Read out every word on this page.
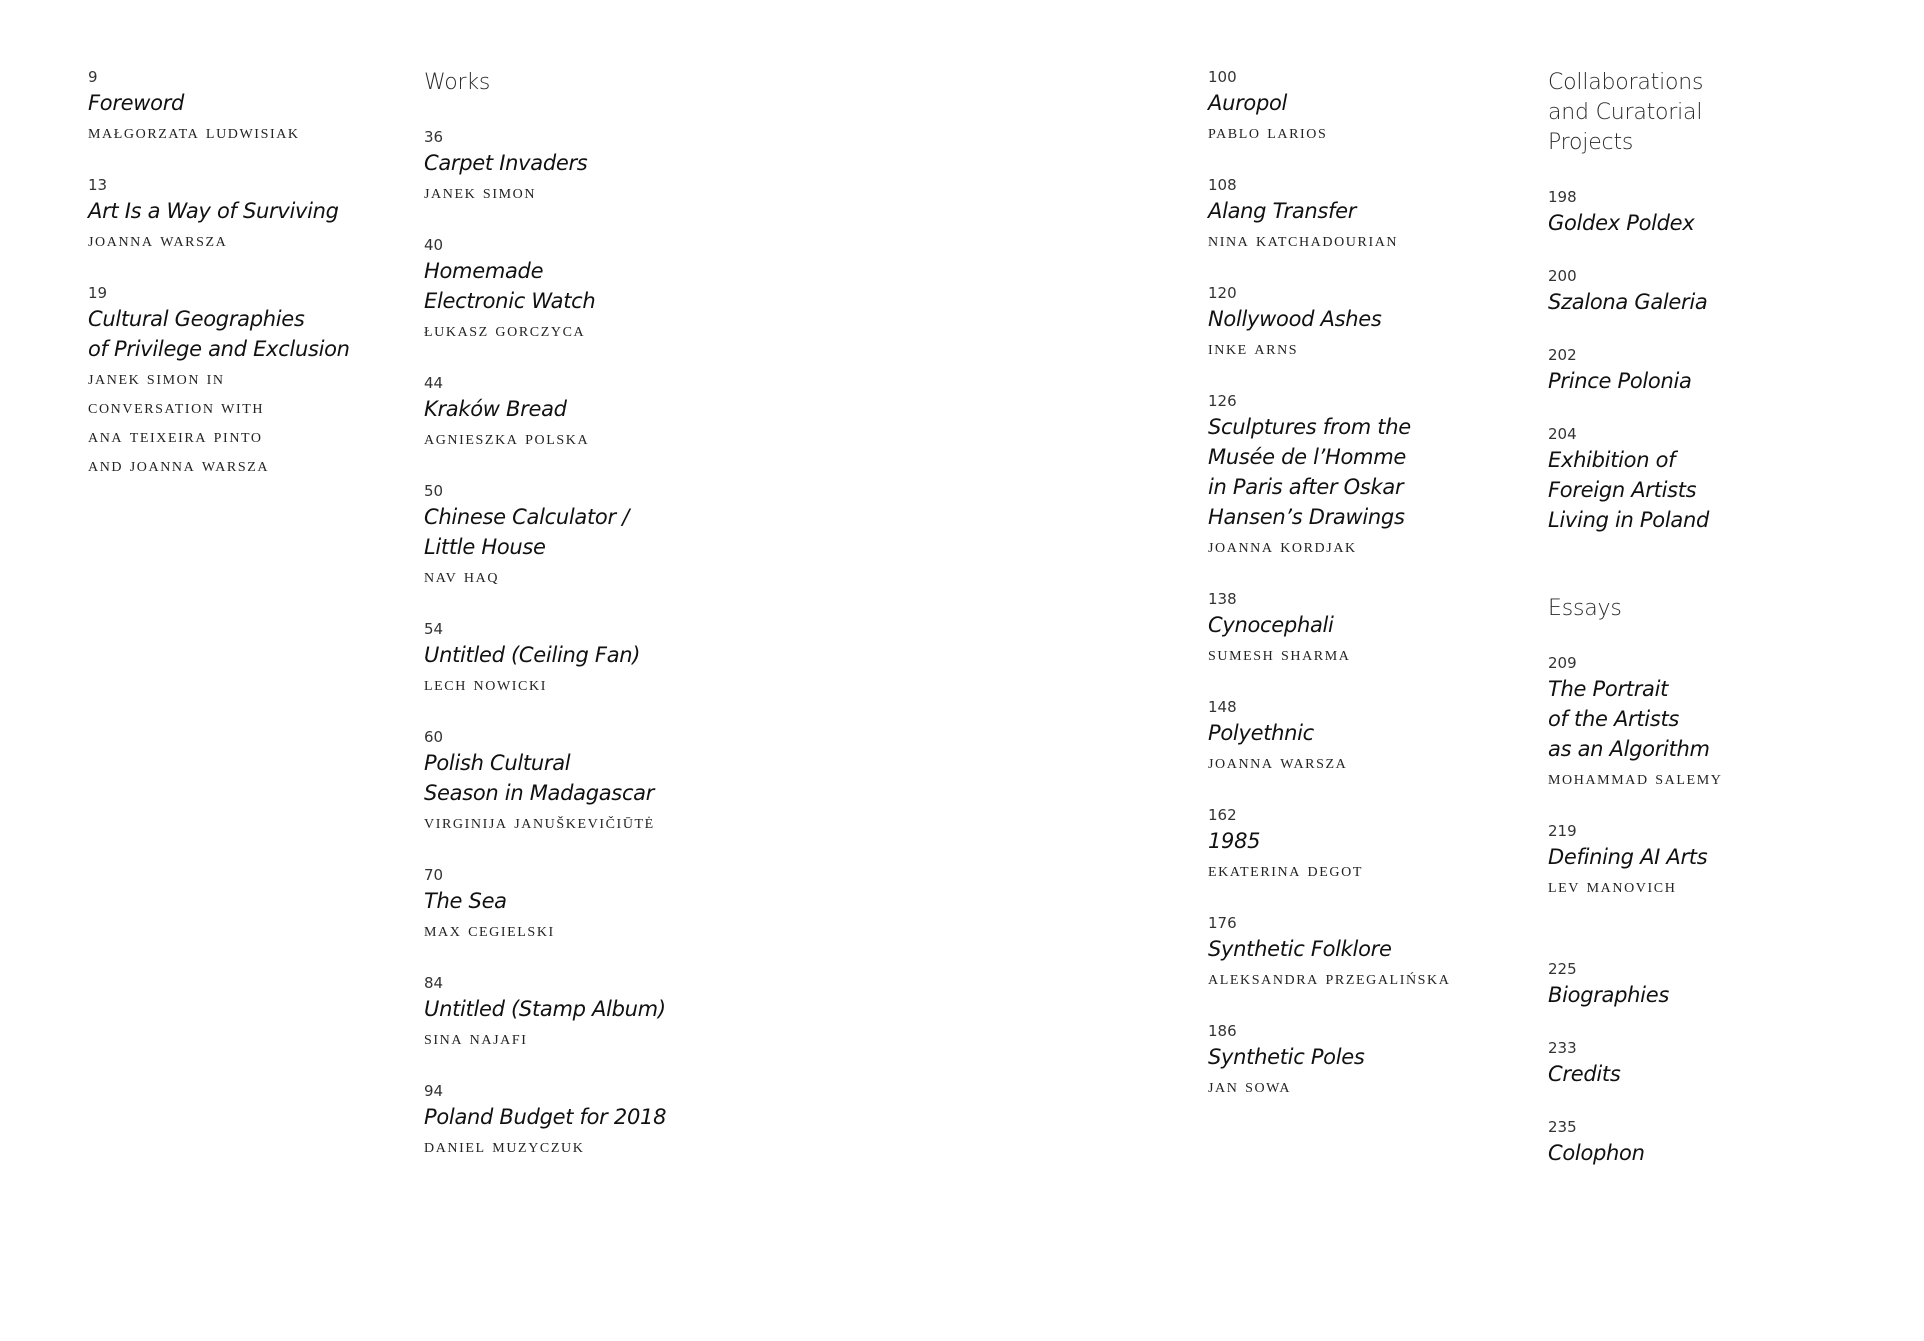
9
Foreword
małgorzata ludwisiak
13
Art Is a Way of Surviving
joanna warsza
19
Cultural Geographies
of Privilege and Exclusion
janek simon in
conversation with
ana teixeira pinto
and joanna warsza
Works
36
Carpet Invaders
janek simon
40
Homemade
Electronic Watch
łukasz gorczyca
44
Kraków Bread
agnieszka polska
50
Chinese Calculator /
Little House
nav haq
54
Untitled (Ceiling Fan)
lech nowicki
60
Polish Cultural
Season in Madagascar
virginija januškevičiūtė
70
The Sea
max cegielski
84
Untitled (Stamp Album)
sina najafi
94
Poland Budget for 2018
daniel muzyczuk
100
Auropol
pablo larios
108
Alang Transfer
nina katchadourian
120
Nollywood Ashes
inke arns
126
Sculptures from the
Musée de l’Homme
in Paris after Oskar
Hansen’s Drawings
joanna kordjak
138
Cynocephali
sumesh sharma
148
Polyethnic
joanna warsza
162
1985
ekaterina degot
176
Synthetic Folklore
aleksandra przegalińska
186
Synthetic Poles
jan sowa
Collaborations
and Curatorial
Projects
198
Goldex Poldex
200
Szalona Galeria
202
Prince Polonia
204
Exhibition of
Foreign Artists
Living in Poland
Essays
209
The Portrait
of the Artists
as an Algorithm
mohammad salemy
219
Defining AI Arts
lev manovich
225
Biographies
233
Credits
235
Colophon
